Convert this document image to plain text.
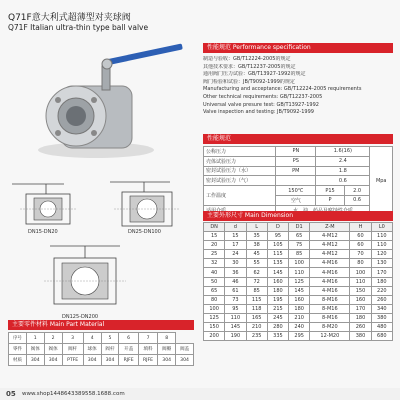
Q71F意大利式超薄型对夹球阀
Q71F Italian ultra-thin type ball valve
DN15-DN20	DN25-DN100
DN125-DN200
性能规范 Performance specification
制造与验收：GB/T12224-2005的规定
其他技术要求：GB/T12237-2005的规定
通用阀门压力试验：GB/T13927-1992的规定
阀门检验和试验：JB/T9092-1999的规定
Manufacturing and acceptance: GB/T12224-2005 requirements
Other technical requirements: GB/T12237-2005
Universal valve presure test: GB/T13927-1992
Valve inspection and testing: JB/T9092-1999
性能规范
公称压力	PN	1.6(16)		Mpa
壳体试验压力	PS	2.4		
密封试验压力（水）	PM	1.8		
密封试验压力（气）		0.6		
工作温度	150℃	P15	2.0	
	空气	P	0.6	

主要外形尺寸 Main Dimension
DN	d	L	D	D1	Z-M	H	L0
15	15	35	95	65	4-M12	60	110
20	17	38	105	75	4-M12	60	110
25	24	45	115	85	4-M12	70	120
32	30	55	135	100	4-M16	80	130
40	36	62	145	110	4-M16	100	170
50	46	72	160	125	4-M16	110	180
65	61	85	180	145	4-M16	150	220
80	73	115	195	160	8-M16	160	260
100	95	118	215	180	8-M16	170	340
125	110	165	245	210	8-M16	180	380
150	145	210	280	240	8-M20	260	480
200	190	235	335	295	12-M20	380	680
主要零件材料 Main Part Material
序号	1	2	3	4	5	6	7	8	
零件	阀体	阀体	阀杆	球体	阀杆	开盖	填料	阀瓣	阀盖
材质	304	304	PTFE	304	304	RJFE	RJFE	304	304
05 www.shop1448643389558.1688.com
